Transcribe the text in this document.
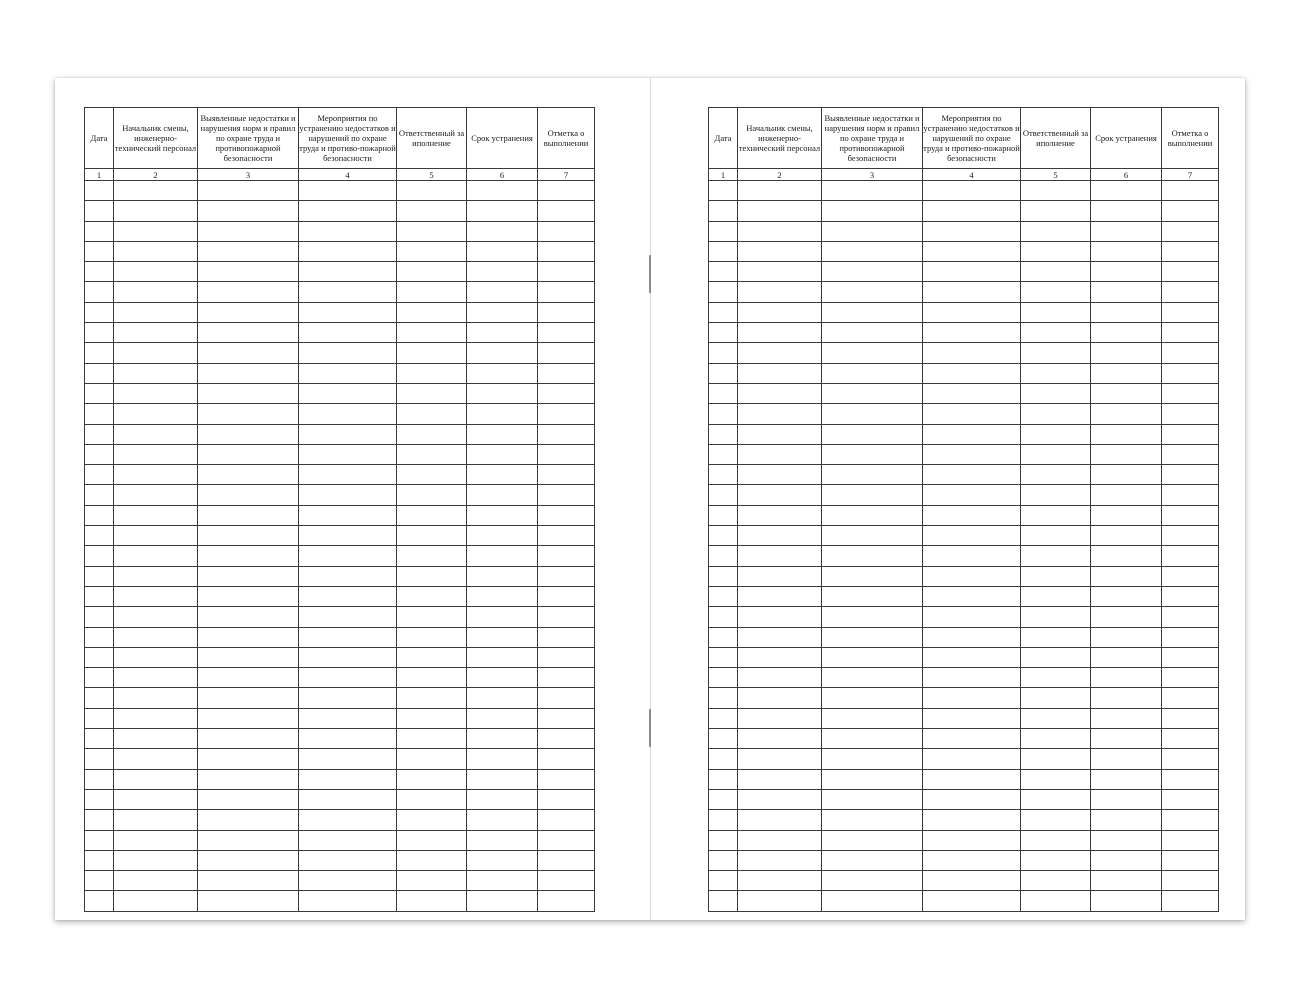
Дата	Начальник смены, инженерно-технический персонал	Выявленные недостатки и нарушения норм и правил по охране труда и противопожарной безопасности	Мероприятия по устранению недостатков и нарушений по охране труда и противо-пожарной безопасности	Ответственный за иполнение	Срок устранения	Отметка о выполнении
1	2	3	4	5	6	7

Дата	Начальник смены, инженерно-технический персонал	Выявленные недостатки и нарушения норм и правил по охране труда и противопожарной безопасности	Мероприятия по устранению недостатков и нарушений по охране труда и противо-пожарной безопасности	Ответственный за иполнение	Срок устранения	Отметка о выполнении
1	2	3	4	5	6	7
